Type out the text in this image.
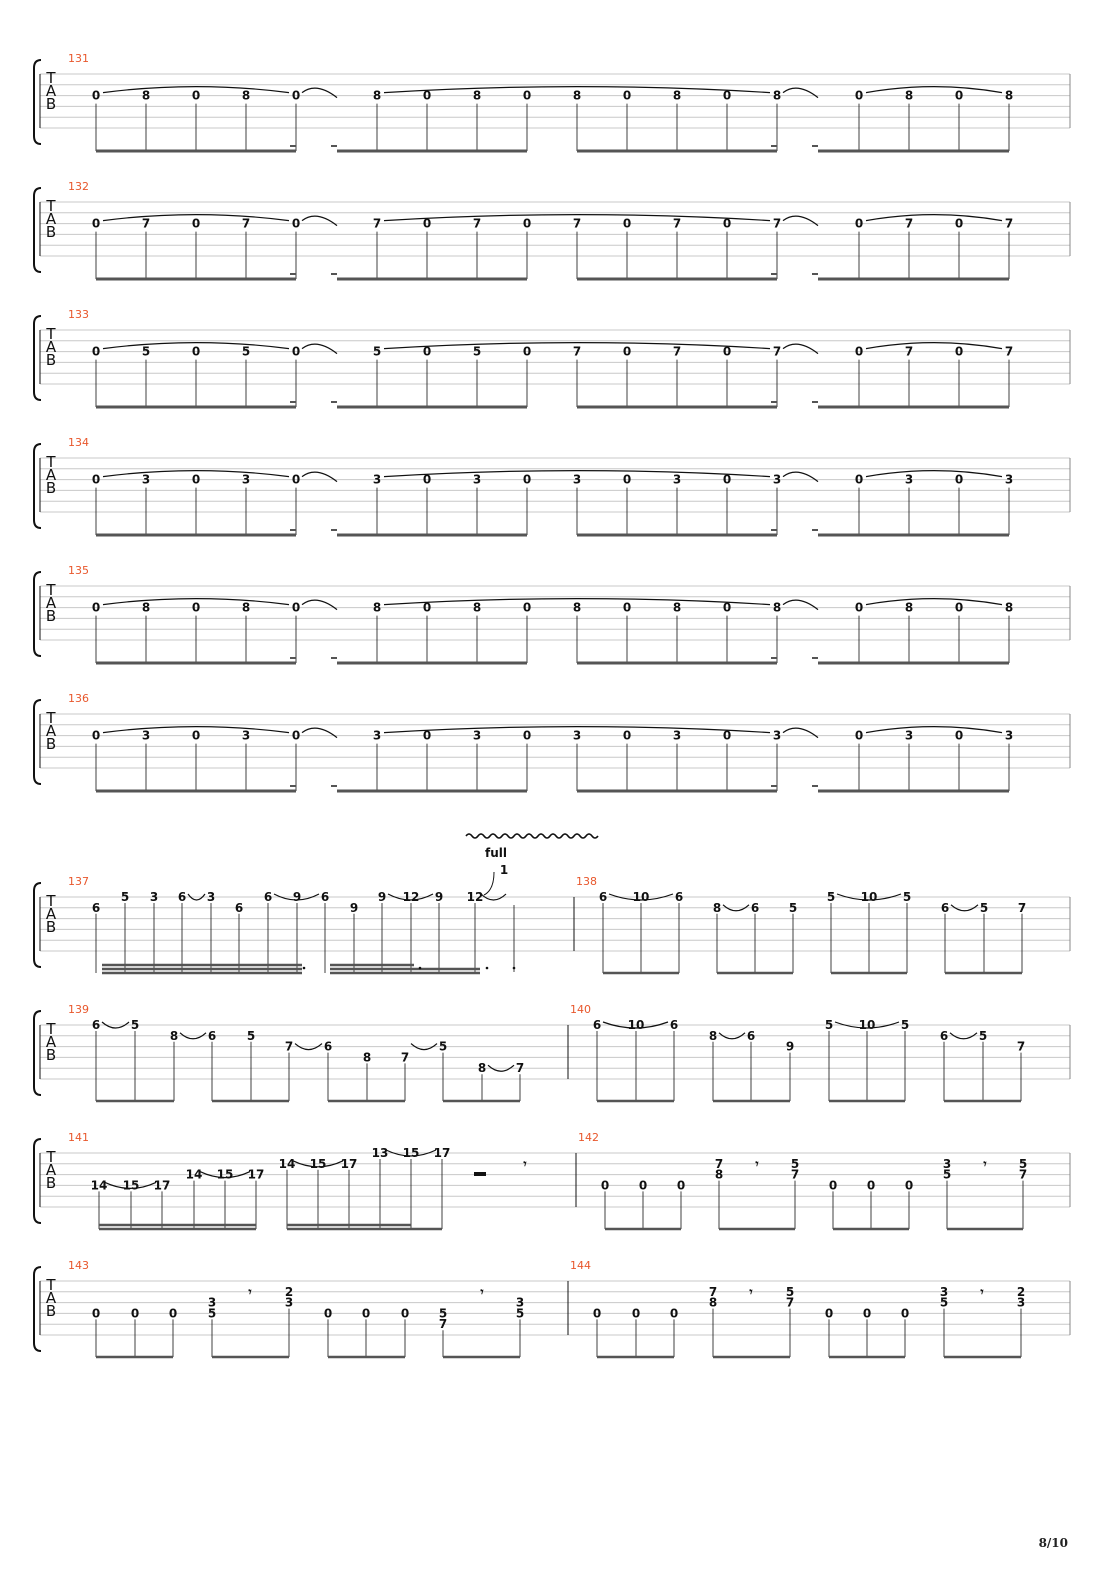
T
A
B
131
0	8	0	8	0	8	0	8	0	8	0	8	0	8	0	8	0	8
T
A
B
132
0	7	0	7	0	7	0	7	0	7	0	7	0	7	0	7	0	7
T
A
B
133
0	5	0	5	0	5	0	5	0	7	0	7	0	7	0	7	0	7
T
A
B
134
0	3	0	3	0	3	0	3	0	3	0	3	0	3	0	3	0	3
T
A
B
135
0	8	0	8	0	8	0	8	0	8	0	8	0	8	0	8	0	8
T
A
B
136
0	3	0	3	0	3	0	3	0	3	0	3	0	3	0	3	0	3
T
A
B
137	138
6
5 3 6 3
6
6 9 6
9
9 12 9 12	6 10 6
8 6 5
5 10 5
6	5 7
full
1
T
A
B
139	140
6	5
8 6	5
7	6
8 7
5
8 7
6 10 6
8 6
9
5 10 5
6	5
7
T
A
B
141	142
14 15 17
14 15 17
14 15 17
13 15 17
0 0 0
7
8
5
7
0 0 0
3
5
5
7
𝄾	𝄾	𝄾
T
A
B
143	144
0	0 0
3
5
2
3
0 0	0 5
7
3
5	0	0 0
7
8
5
7
0 0 0
3
5
2
3
𝄾	𝄾	𝄾	𝄾
8/10
